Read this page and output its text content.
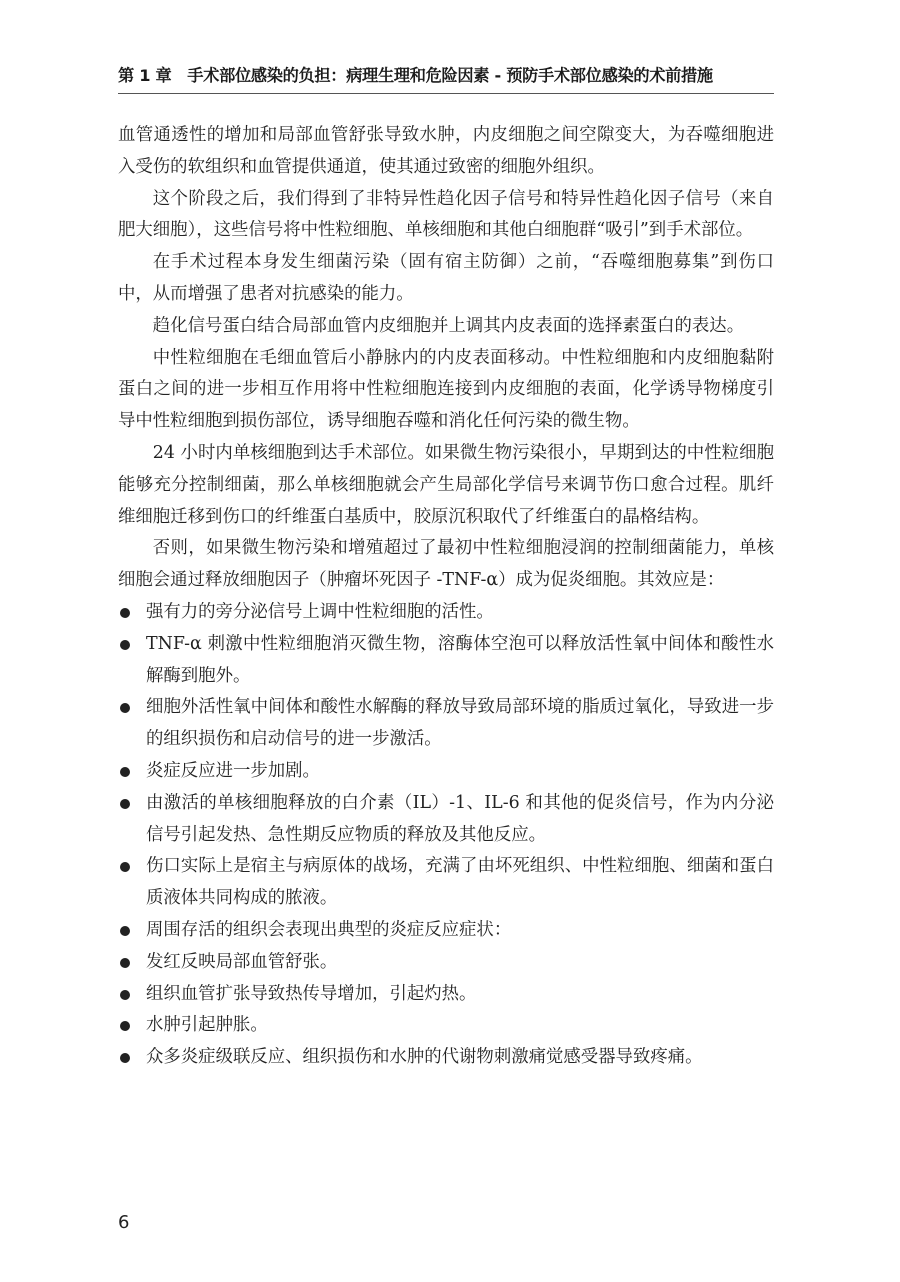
第 1 章　手术部位感染的负担：病理生理和危险因素 - 预防手术部位感染的术前措施

血管通透性的增加和局部血管舒张导致水肿，内皮细胞之间空隙变大，为吞噬细胞进入受伤的软组织和血管提供通道，使其通过致密的细胞外组织。

这个阶段之后，我们得到了非特异性趋化因子信号和特异性趋化因子信号（来自肥大细胞），这些信号将中性粒细胞、单核细胞和其他白细胞群“吸引”到手术部位。

在手术过程本身发生细菌污染（固有宿主防御）之前，“吞噬细胞募集”到伤口中，从而增强了患者对抗感染的能力。

趋化信号蛋白结合局部血管内皮细胞并上调其内皮表面的选择素蛋白的表达。

中性粒细胞在毛细血管后小静脉内的内皮表面移动。中性粒细胞和内皮细胞黏附蛋白之间的进一步相互作用将中性粒细胞连接到内皮细胞的表面，化学诱导物梯度引导中性粒细胞到损伤部位，诱导细胞吞噬和消化任何污染的微生物。

24 小时内单核细胞到达手术部位。如果微生物污染很小，早期到达的中性粒细胞能够充分控制细菌，那么单核细胞就会产生局部化学信号来调节伤口愈合过程。肌纤维细胞迁移到伤口的纤维蛋白基质中，胶原沉积取代了纤维蛋白的晶格结构。

否则，如果微生物污染和增殖超过了最初中性粒细胞浸润的控制细菌能力，单核细胞会通过释放细胞因子（肿瘤坏死因子 -TNF-α）成为促炎细胞。其效应是：

强有力的旁分泌信号上调中性粒细胞的活性。
TNF-α 刺激中性粒细胞消灭微生物，溶酶体空泡可以释放活性氧中间体和酸性水解酶到胞外。
细胞外活性氧中间体和酸性水解酶的释放导致局部环境的脂质过氧化，导致进一步的组织损伤和启动信号的进一步激活。
炎症反应进一步加剧。
由激活的单核细胞释放的白介素（IL）-1、IL-6 和其他的促炎信号，作为内分泌信号引起发热、急性期反应物质的释放及其他反应。
伤口实际上是宿主与病原体的战场，充满了由坏死组织、中性粒细胞、细菌和蛋白质液体共同构成的脓液。
周围存活的组织会表现出典型的炎症反应症状：
发红反映局部血管舒张。
组织血管扩张导致热传导增加，引起灼热。
水肿引起肿胀。
众多炎症级联反应、组织损伤和水肿的代谢物刺激痛觉感受器导致疼痛。
6
